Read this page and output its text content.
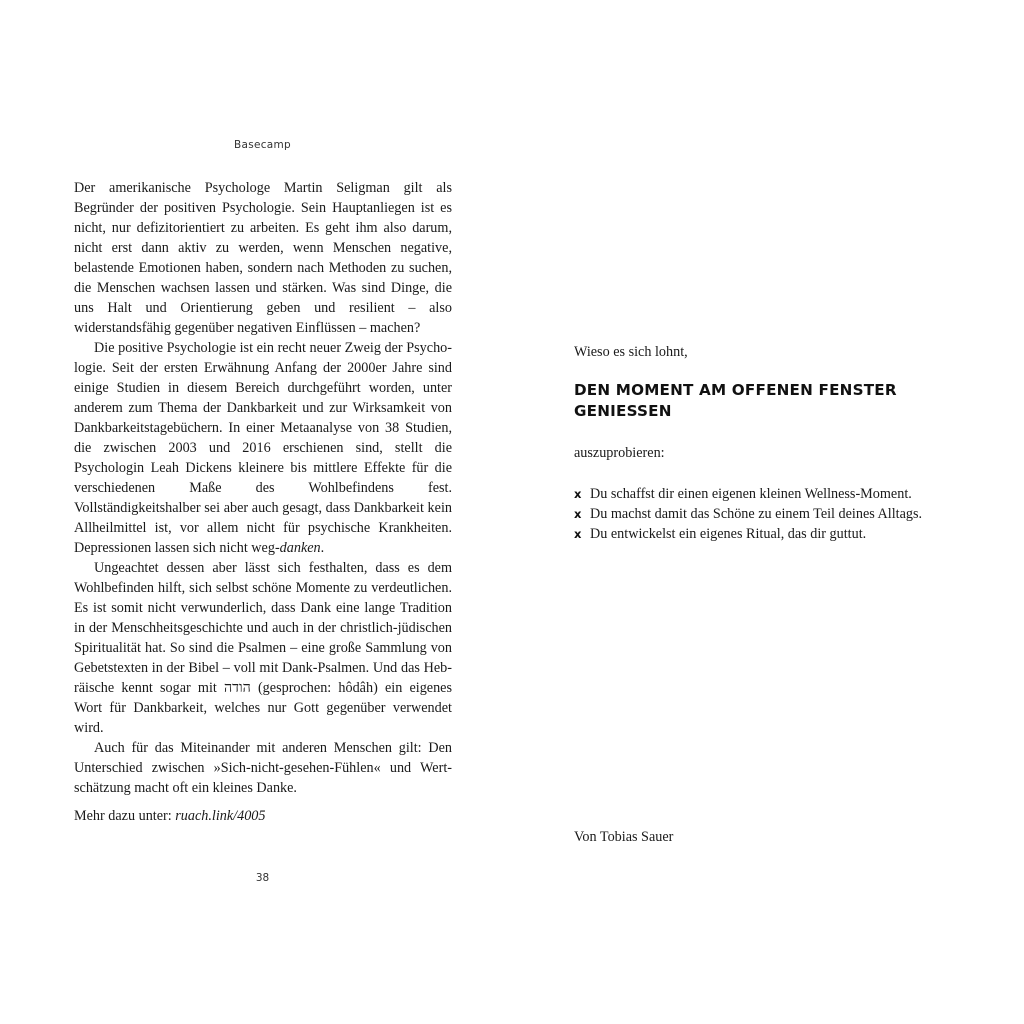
Basecamp

Der amerikanische Psychologe Martin Seligman gilt als Begründer der positiven Psychologie. Sein Hauptanliegen ist es nicht, nur defizitorientiert zu arbeiten. Es geht ihm also darum, nicht erst dann aktiv zu werden, wenn Menschen negative, belastende Emotionen haben, sondern nach Methoden zu suchen, die Menschen wachsen lassen und stärken. Was sind Dinge, die uns Halt und Orientierung geben und resilient – also widerstandsfähig gegenüber negativen Einflüssen – machen?

Die positive Psychologie ist ein recht neuer Zweig der Psychologie. Seit der ersten Erwähnung Anfang der 2000er Jahre sind einige Studien in diesem Bereich durchgeführt worden, unter anderem zum Thema der Dankbarkeit und zur Wirksamkeit von Dankbarkeitstagebüchern. In einer Metaanalyse von 38 Studien, die zwischen 2003 und 2016 erschienen sind, stellt die Psychologin Leah Dickens kleinere bis mittlere Effekte für die verschiedenen Maße des Wohlbefindens fest. Vollständigkeitshalber sei aber auch gesagt, dass Dankbarkeit kein Allheilmittel ist, vor allem nicht für psychische Krankheiten. Depressionen lassen sich nicht weg-danken.

Ungeachtet dessen aber lässt sich festhalten, dass es dem Wohlbefinden hilft, sich selbst schöne Momente zu verdeutlichen. Es ist somit nicht verwunderlich, dass Dank eine lange Tradition in der Menschheitsgeschichte und auch in der christlich-jüdischen Spiritualität hat. So sind die Psalmen – eine große Sammlung von Gebetstexten in der Bibel – voll mit Dank-Psalmen. Und das Hebräische kennt sogar mit הודה (gesprochen: hôdâh) ein eigenes Wort für Dankbarkeit, welches nur Gott gegenüber verwendet wird.

Auch für das Miteinander mit anderen Menschen gilt: Den Unterschied zwischen »Sich-nicht-gesehen-Fühlen« und Wertschätzung macht oft ein kleines Danke.

Mehr dazu unter: ruach.link/4005
38
Wieso es sich lohnt,
DEN MOMENT AM OFFENEN FENSTER GENIESSEN
auszuprobieren:
x Du schaffst dir einen eigenen kleinen Wellness-Moment.
x Du machst damit das Schöne zu einem Teil deines Alltags.
x Du entwickelst ein eigenes Ritual, das dir guttut.
Von Tobias Sauer
